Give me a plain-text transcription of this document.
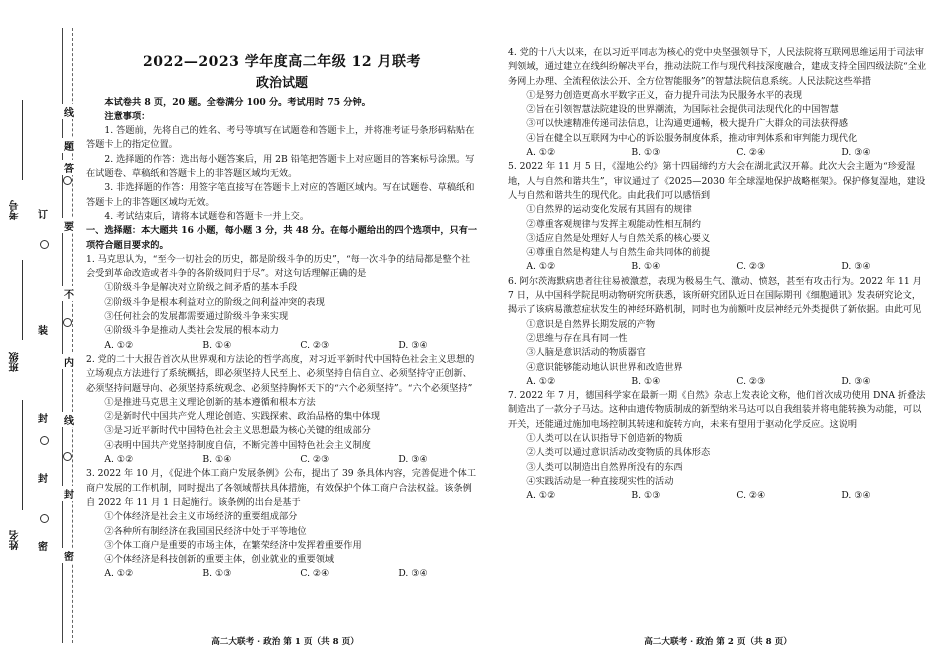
线
题
答
要
不
内
线
封
密
订
装
封
封
密
考号
班级
姓名
2022—2023 学年度高二年级 12 月联考
政治试题

本试卷共 8 页，20 题。全卷满分 100 分。考试用时 75 分钟。

注意事项：

1. 答题前，先将自己的姓名、考号等填写在试题卷和答题卡上，并将准考证号条形码粘贴在答题卡上的指定位置。

2. 选择题的作答：选出每小题答案后，用 2B 铅笔把答题卡上对应题目的答案标号涂黑。写在试题卷、草稿纸和答题卡上的非答题区域均无效。

3. 非选择题的作答：用签字笔直接写在答题卡上对应的答题区域内。写在试题卷、草稿纸和答题卡上的非答题区域均无效。

4. 考试结束后，请将本试题卷和答题卡一并上交。

一、选择题：本大题共 16 小题，每小题 3 分，共 48 分。在每小题给出的四个选项中，只有一项符合题目要求的。

1. 马克思认为，“至今一切社会的历史，都是阶级斗争的历史”，“每一次斗争的结局都是整个社会受到革命改造或者斗争的各阶级同归于尽”。对这句话理解正确的是

①阶级斗争是解决对立阶级之间矛盾的基本手段

②阶级斗争是根本利益对立的阶级之间利益冲突的表现

③任何社会的发展都需要通过阶级斗争来实现

④阶级斗争是推动人类社会发展的根本动力

A. ①②	B. ①④	C. ②③	D. ③④

2. 党的二十大报告首次从世界观和方法论的哲学高度，对习近平新时代中国特色社会主义思想的立场观点方法进行了系统概括，即必须坚持人民至上、必须坚持自信自立、必须坚持守正创新、必须坚持问题导向、必须坚持系统观念、必须坚持胸怀天下的“六个必须坚持”。“六个必须坚持”

①是推进马克思主义理论创新的基本遵循和根本方法

②是新时代中国共产党人理论创造、实践探索、政治品格的集中体现

③是习近平新时代中国特色社会主义思想最为核心关键的组成部分

④表明中国共产党坚持制度自信，不断完善中国特色社会主义制度

A. ①②	B. ①④	C. ②③	D. ③④

3. 2022 年 10 月，《促进个体工商户发展条例》公布，提出了 39 条具体内容，完善促进个体工商户发展的工作机制，同时提出了各领域帮扶具体措施，有效保护个体工商户合法权益。该条例自 2022 年 11 月 1 日起施行。该条例的出台是基于

①个体经济是社会主义市场经济的重要组成部分

②各种所有制经济在我国国民经济中处于平等地位

③个体工商户是重要的市场主体，在繁荣经济中发挥着重要作用

④个体经济是科技创新的重要主体，创业就业的重要领域

A. ①②	B. ①③	C. ②④	D. ③④
高二大联考 · 政治 第 1 页（共 8 页）

4. 党的十八大以来，在以习近平同志为核心的党中央坚强领导下，人民法院将互联网思维运用于司法审判领域，通过建立在线纠纷解决平台，推动法院工作与现代科技深度融合，建成支持全国四级法院“全业务网上办理、全流程依法公开、全方位智能服务”的智慧法院信息系统。人民法院这些举措

①是努力创造更高水平数字正义，奋力提升司法为民服务水平的表现

②旨在引领智慧法院建设的世界潮流，为国际社会提供司法现代化的中国智慧

③可以快速精准传递司法信息，让沟通更通畅，极大提升广大群众的司法获得感

④旨在健全以互联网为中心的诉讼服务制度体系，推动审判体系和审判能力现代化

A. ①②	B. ①③	C. ②④	D. ③④

5. 2022 年 11 月 5 日，《湿地公约》第十四届缔约方大会在湖北武汉开幕。此次大会主题为“珍爱湿地，人与自然和谐共生”，审议通过了《2025—2030 年全球湿地保护战略框架》。保护修复湿地，建设人与自然和谐共生的现代化。由此我们可以感悟到

①自然界的运动变化发展有其固有的规律

②尊重客观规律与发挥主观能动性相互制约

③适应自然是处理好人与自然关系的核心要义

④尊重自然是构建人与自然生命共同体的前提

A. ①②	B. ①④	C. ②③	D. ③④

6. 阿尔茨海默病患者往往易被激惹，表现为极易生气、激动、愤怒，甚至有攻击行为。2022 年 11 月 7 日，从中国科学院昆明动物研究所获悉，该所研究团队近日在国际期刊《细胞通讯》发表研究论文，揭示了该病易激惹症状发生的神经环路机制，同时也为前额叶皮层神经元外类提供了新依据。由此可见

①意识是自然界长期发展的产物

②思维与存在具有同一性

③人脑是意识活动的物质器官

④意识能够能动地认识世界和改造世界

A. ①②	B. ①④	C. ②③	D. ③④

7. 2022 年 7 月，德国科学家在最新一期《自然》杂志上发表论文称，他们首次成功使用 DNA 折叠法制造出了一款分子马达。这种由遗传物质制成的新型纳米马达可以自我组装并将电能转换为动能，可以开关，还能通过施加电场控制其转速和旋转方向，未来有望用于驱动化学反应。这说明

①人类可以在认识指导下创造新的物质

②人类可以通过意识活动改变物质的具体形态

③人类可以制造出自然界所没有的东西

④实践活动是一种直接现实性的活动

A. ①②	B. ①③	C. ②④	D. ③④
高二大联考 · 政治 第 2 页（共 8 页）
